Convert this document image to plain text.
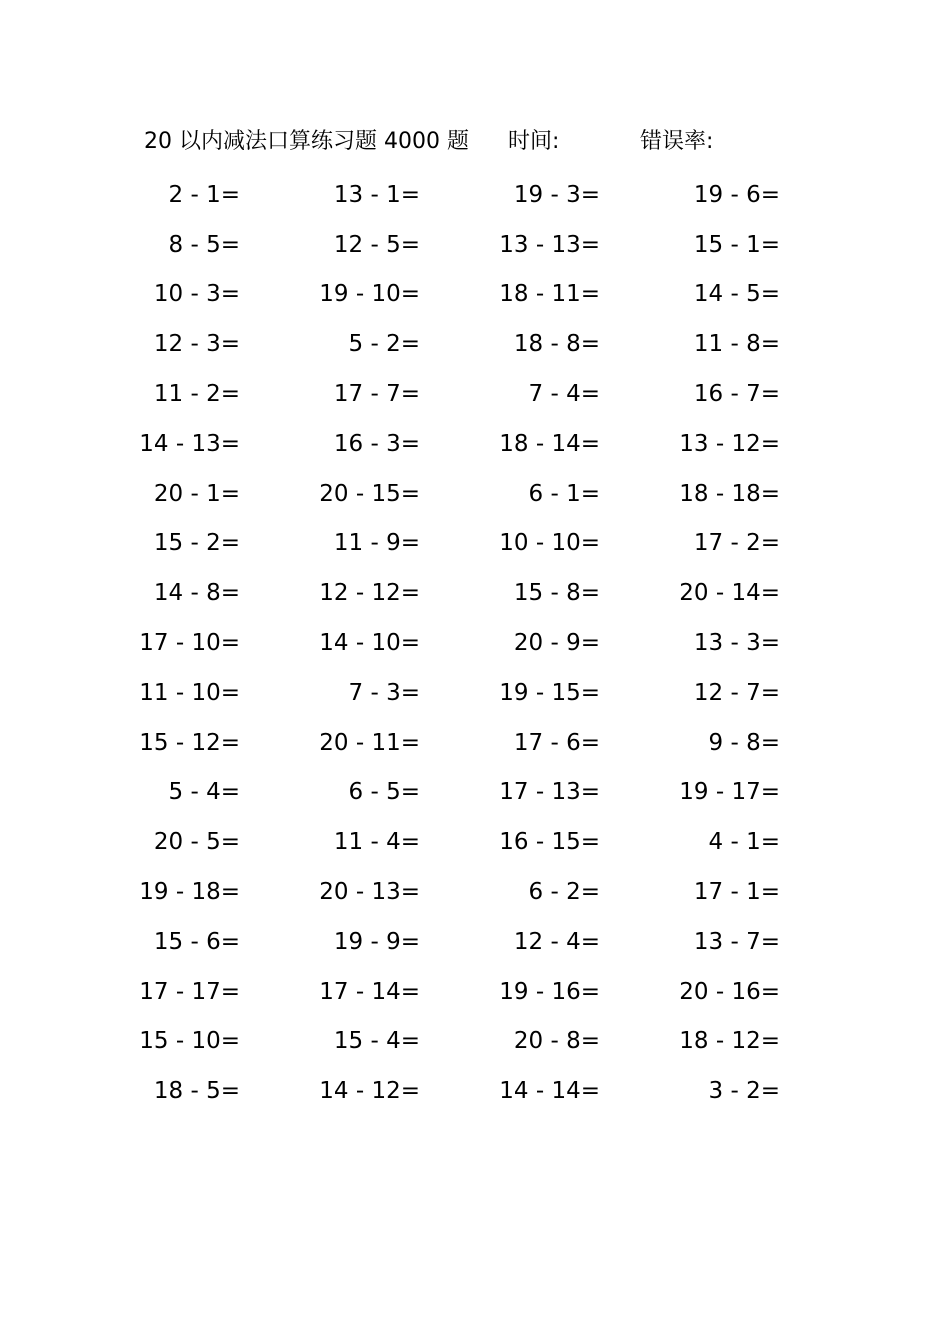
20 以内减法口算练习题 4000 题 时间:	错误率:
2 - 1=	13 - 1=	19 - 3=	19 - 6=
8 - 5=	12 - 5=	13 - 13=	15 - 1=
10 - 3=	19 - 10=	18 - 11=	14 - 5=
12 - 3=	5 - 2=	18 - 8=	11 - 8=
11 - 2=	17 - 7=	7 - 4=	16 - 7=
14 - 13=	16 - 3=	18 - 14=	13 - 12=
20 - 1=	20 - 15=	6 - 1=	18 - 18=
15 - 2=	11 - 9=	10 - 10=	17 - 2=
14 - 8=	12 - 12=	15 - 8=	20 - 14=
17 - 10=	14 - 10=	20 - 9=	13 - 3=
11 - 10=	7 - 3=	19 - 15=	12 - 7=
15 - 12=	20 - 11=	17 - 6=	9 - 8=
5 - 4=	6 - 5=	17 - 13=	19 - 17=
20 - 5=	11 - 4=	16 - 15=	4 - 1=
19 - 18=	20 - 13=	6 - 2=	17 - 1=
15 - 6=	19 - 9=	12 - 4=	13 - 7=
17 - 17=	17 - 14=	19 - 16=	20 - 16=
15 - 10=	15 - 4=	20 - 8=	18 - 12=
18 - 5=	14 - 12=	14 - 14=	3 - 2=
